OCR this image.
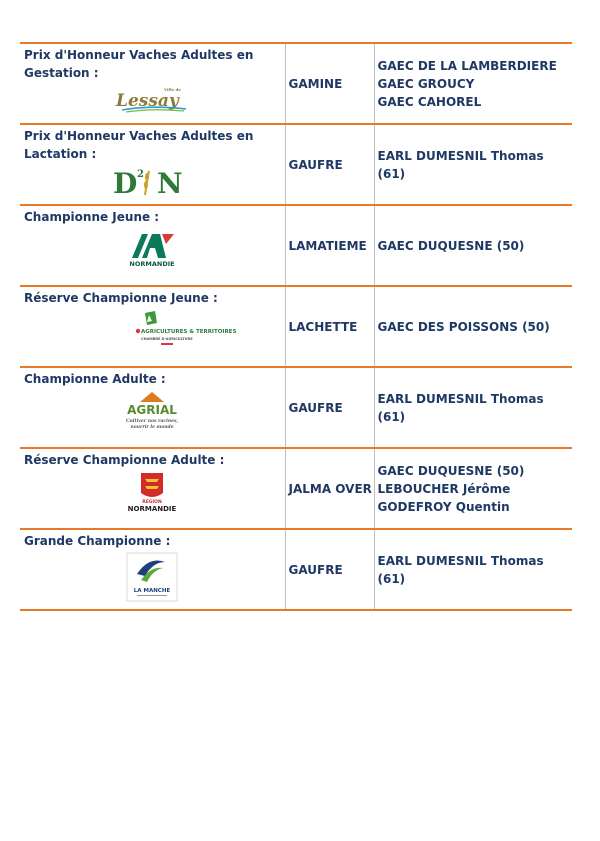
Prix d'Honneur Vaches Adultes en Gestation :
Ville de
Lessay	GAMINE	GAEC DE LA LAMBERDIERE
GAEC GROUCY
GAEC CAHOREL

Prix d'Honneur Vaches Adultes en Lactation :
D 2 N	GAUFRE	EARL DUMESNIL Thomas (61)

Championne Jeune :
NORMANDIE	LAMATIEME	GAEC DUQUESNE (50)

Réserve Championne Jeune :
AGRICULTURES & TERRITOIRES
CHAMBRE D'AGRICULTURE	LACHETTE	GAEC DES POISSONS (50)

Championne Adulte :
AGRIAL
Cultiver nos racines,
nourrir le monde	GAUFRE	EARL DUMESNIL Thomas (61)

Réserve Championne Adulte :
RÉGION
NORMANDIE	JALMA OVER	GAEC DUQUESNE (50)
LEBOUCHER Jérôme
GODEFROY Quentin

Grande Championne :
LA MANCHE	GAUFRE	EARL DUMESNIL Thomas (61)
